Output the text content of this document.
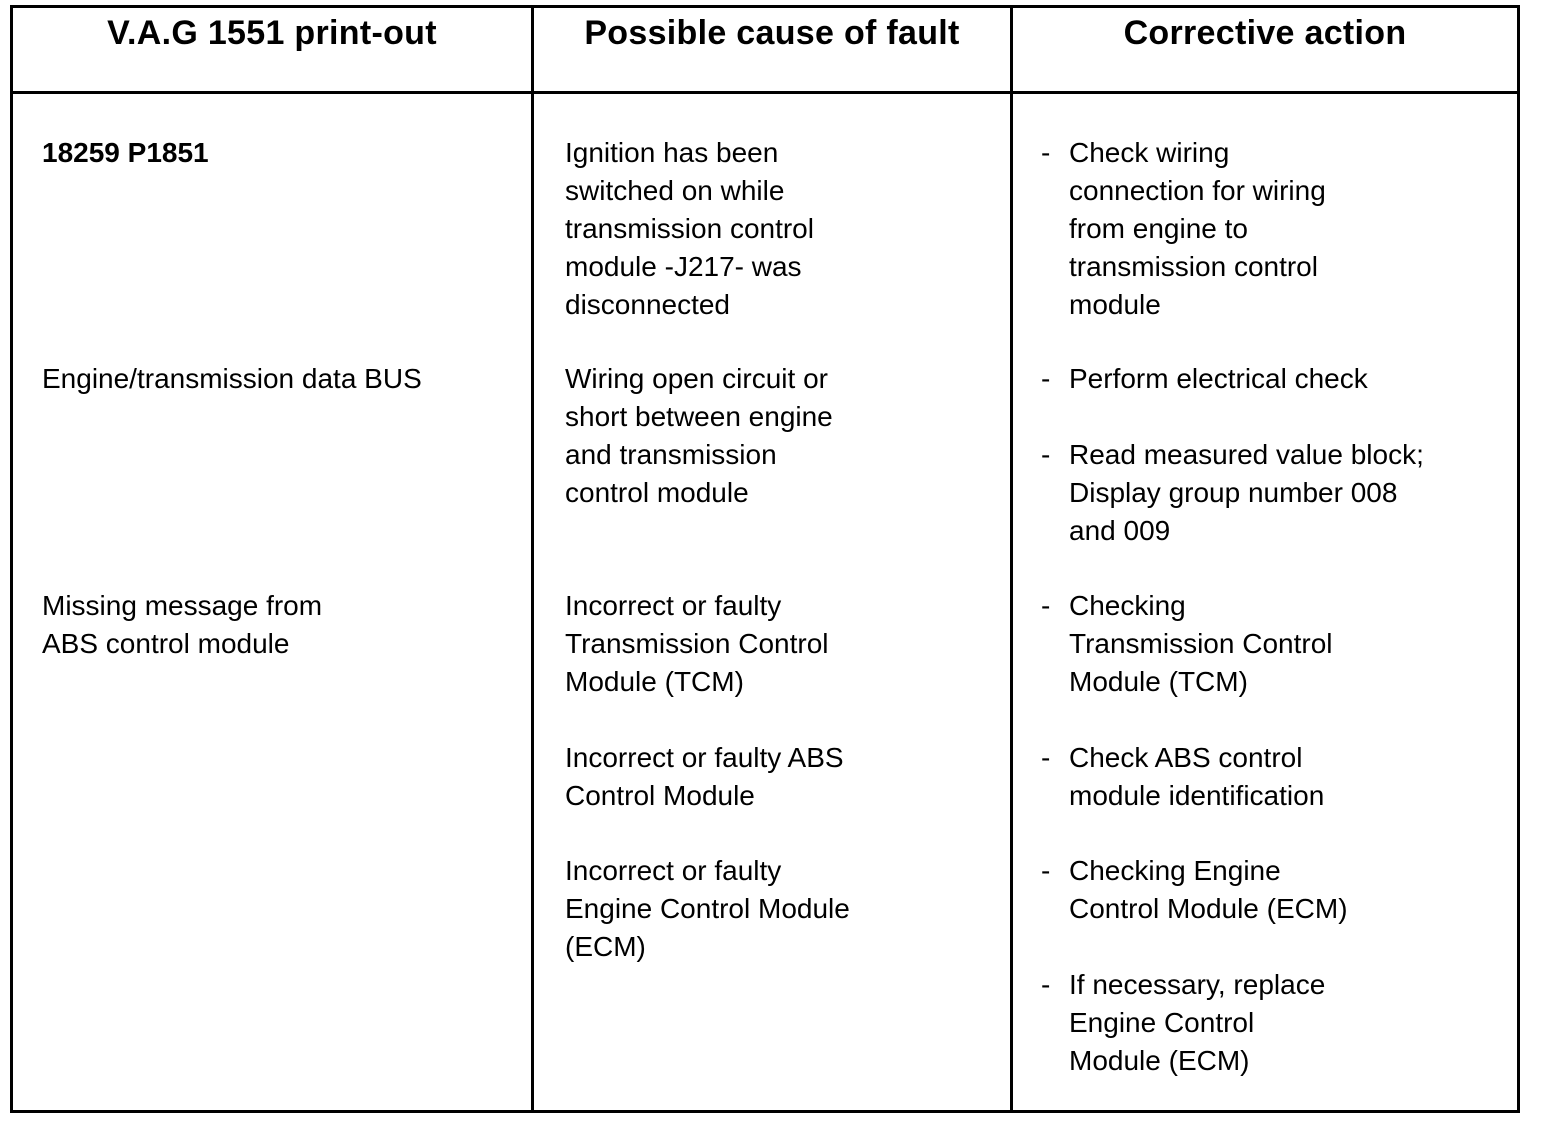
V.A.G 1551 print-out	Possible cause of fault	Corrective action
18259 P1851
Engine/transmission data BUS
Missing message from
ABS control module
Ignition has been
switched on while
transmission control
module -J217- was
disconnected
Wiring open circuit or
short between engine
and transmission
control module
Incorrect or faulty
Transmission Control
Module (TCM)
Incorrect or faulty ABS
Control Module
Incorrect or faulty
Engine Control Module
(ECM)
- Check wiring
connection for wiring
from engine to
transmission control
module
- Perform electrical check
- Read measured value block;
Display group number 008
and 009
- Checking
Transmission Control
Module (TCM)
- Check ABS control
module identification
- Checking Engine
Control Module (ECM)
- If necessary, replace
Engine Control
Module (ECM)
